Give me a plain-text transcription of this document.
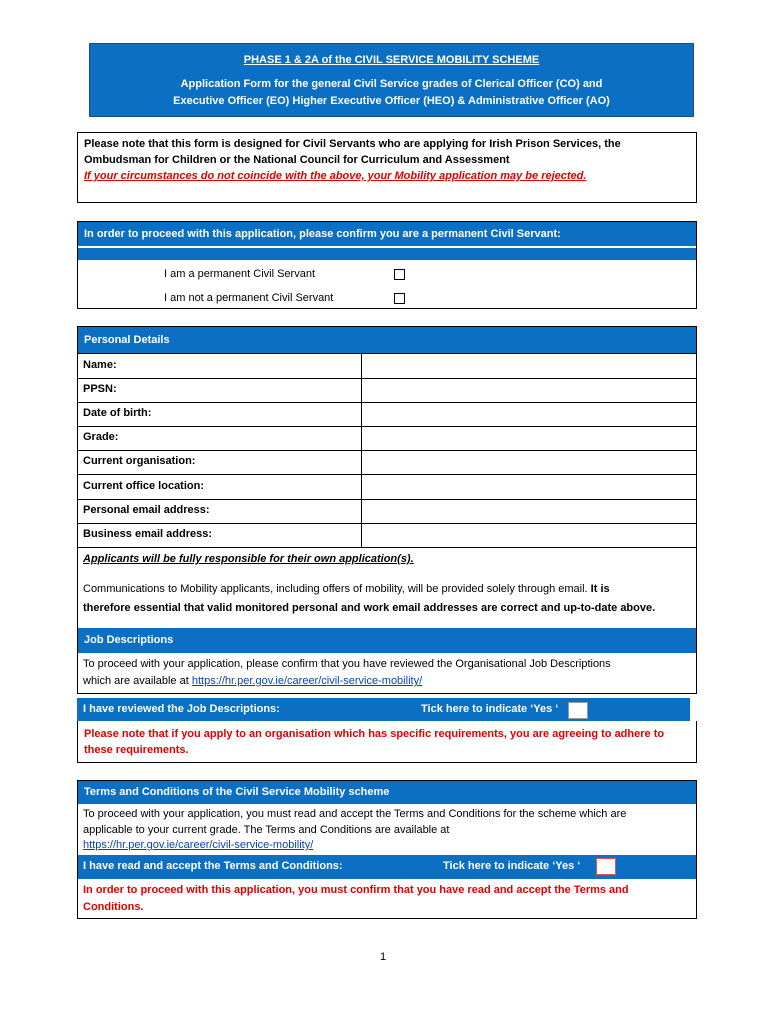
PHASE 1 & 2A of the CIVIL SERVICE MOBILITY SCHEME
Application Form for the general Civil Service grades of Clerical Officer (CO) and
Executive Officer (EO) Higher Executive Officer (HEO) & Administrative Officer (AO)
Please note that this form is designed for Civil Servants who are applying for Irish Prison Services, the
Ombudsman for Children or the National Council for Curriculum and Assessment
If your circumstances do not coincide with the above, your Mobility application may be rejected.
In order to proceed with this application, please confirm you are a permanent Civil Servant:
I am a permanent Civil Servant
I am not a permanent Civil Servant
Personal Details
Name:
PPSN:
Date of birth:
Grade:
Current organisation:
Current office location:
Personal email address:
Business email address:
Applicants will be fully responsible for their own application(s).
Communications to Mobility applicants, including offers of mobility, will be provided solely through email. It is
therefore essential that valid monitored personal and work email addresses are correct and up-to-date above.
Job Descriptions
To proceed with your application, please confirm that you have reviewed the Organisational Job Descriptions
which are available at https://hr.per.gov.ie/career/civil-service-mobility/
I have reviewed the Job Descriptions:	Tick here to indicate ‘Yes ‘
Please note that if you apply to an organisation which has specific requirements, you are agreeing to adhere to
these requirements.
Terms and Conditions of the Civil Service Mobility scheme
To proceed with your application, you must read and accept the Terms and Conditions for the scheme which are
applicable to your current grade. The Terms and Conditions are available at
https://hr.per.gov.ie/career/civil-service-mobility/
I have read and accept the Terms and Conditions:	Tick here to indicate ‘Yes ‘
In order to proceed with this application, you must confirm that you have read and accept the Terms and
Conditions.
1
